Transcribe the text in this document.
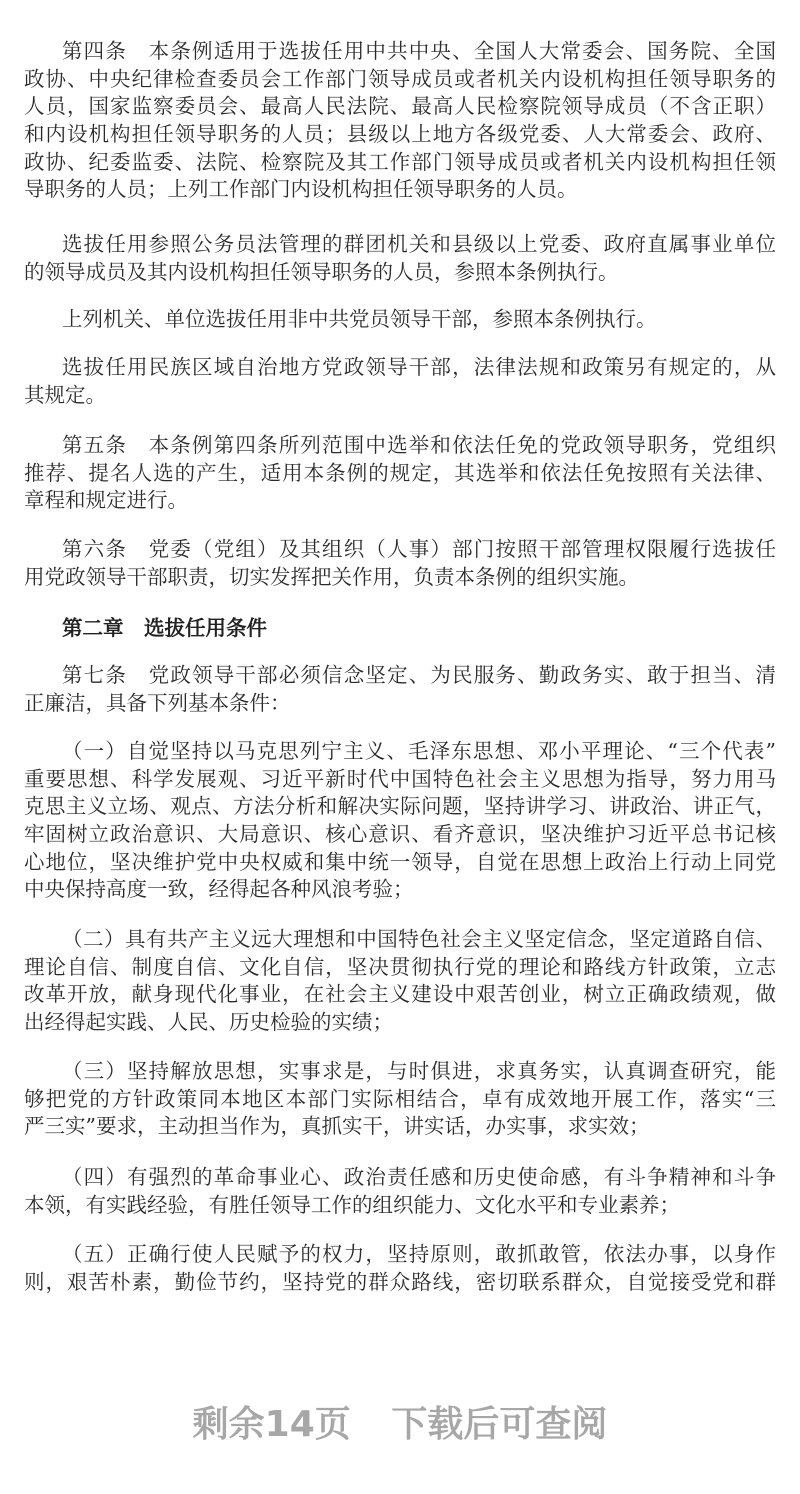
第四条　本条例适用于选拔任用中共中央、全国人大常委会、国务院、全国
政协、中央纪律检查委员会工作部门领导成员或者机关内设机构担任领导职务的
人员，国家监察委员会、最高人民法院、最高人民检察院领导成员（不含正职）
和内设机构担任领导职务的人员；县级以上地方各级党委、人大常委会、政府、
政协、纪委监委、法院、检察院及其工作部门领导成员或者机关内设机构担任领
导职务的人员；上列工作部门内设机构担任领导职务的人员。
选拔任用参照公务员法管理的群团机关和县级以上党委、政府直属事业单位
的领导成员及其内设机构担任领导职务的人员，参照本条例执行。
上列机关、单位选拔任用非中共党员领导干部，参照本条例执行。
选拔任用民族区域自治地方党政领导干部，法律法规和政策另有规定的，从
其规定。
第五条　本条例第四条所列范围中选举和依法任免的党政领导职务，党组织
推荐、提名人选的产生，适用本条例的规定，其选举和依法任免按照有关法律、
章程和规定进行。
第六条　党委（党组）及其组织（人事）部门按照干部管理权限履行选拔任
用党政领导干部职责，切实发挥把关作用，负责本条例的组织实施。
第七条　党政领导干部必须信念坚定、为民服务、勤政务实、敢于担当、清
正廉洁，具备下列基本条件：
（一）自觉坚持以马克思列宁主义、毛泽东思想、邓小平理论、“三个代表”
重要思想、科学发展观、习近平新时代中国特色社会主义思想为指导，努力用马
克思主义立场、观点、方法分析和解决实际问题，坚持讲学习、讲政治、讲正气，
牢固树立政治意识、大局意识、核心意识、看齐意识，坚决维护习近平总书记核
心地位，坚决维护党中央权威和集中统一领导，自觉在思想上政治上行动上同党
中央保持高度一致，经得起各种风浪考验；
（二）具有共产主义远大理想和中国特色社会主义坚定信念，坚定道路自信、
理论自信、制度自信、文化自信，坚决贯彻执行党的理论和路线方针政策，立志
改革开放，献身现代化事业，在社会主义建设中艰苦创业，树立正确政绩观，做
出经得起实践、人民、历史检验的实绩；
（三）坚持解放思想，实事求是，与时俱进，求真务实，认真调查研究，能
够把党的方针政策同本地区本部门实际相结合，卓有成效地开展工作，落实“三
严三实”要求，主动担当作为，真抓实干，讲实话，办实事，求实效；
（四）有强烈的革命事业心、政治责任感和历史使命感，有斗争精神和斗争
本领，有实践经验，有胜任领导工作的组织能力、文化水平和专业素养；
（五）正确行使人民赋予的权力，坚持原则，敢抓敢管，依法办事，以身作
则，艰苦朴素，勤俭节约，坚持党的群众路线，密切联系群众，自觉接受党和群
第二章　选拔任用条件
剩余14页 下载后可查阅
